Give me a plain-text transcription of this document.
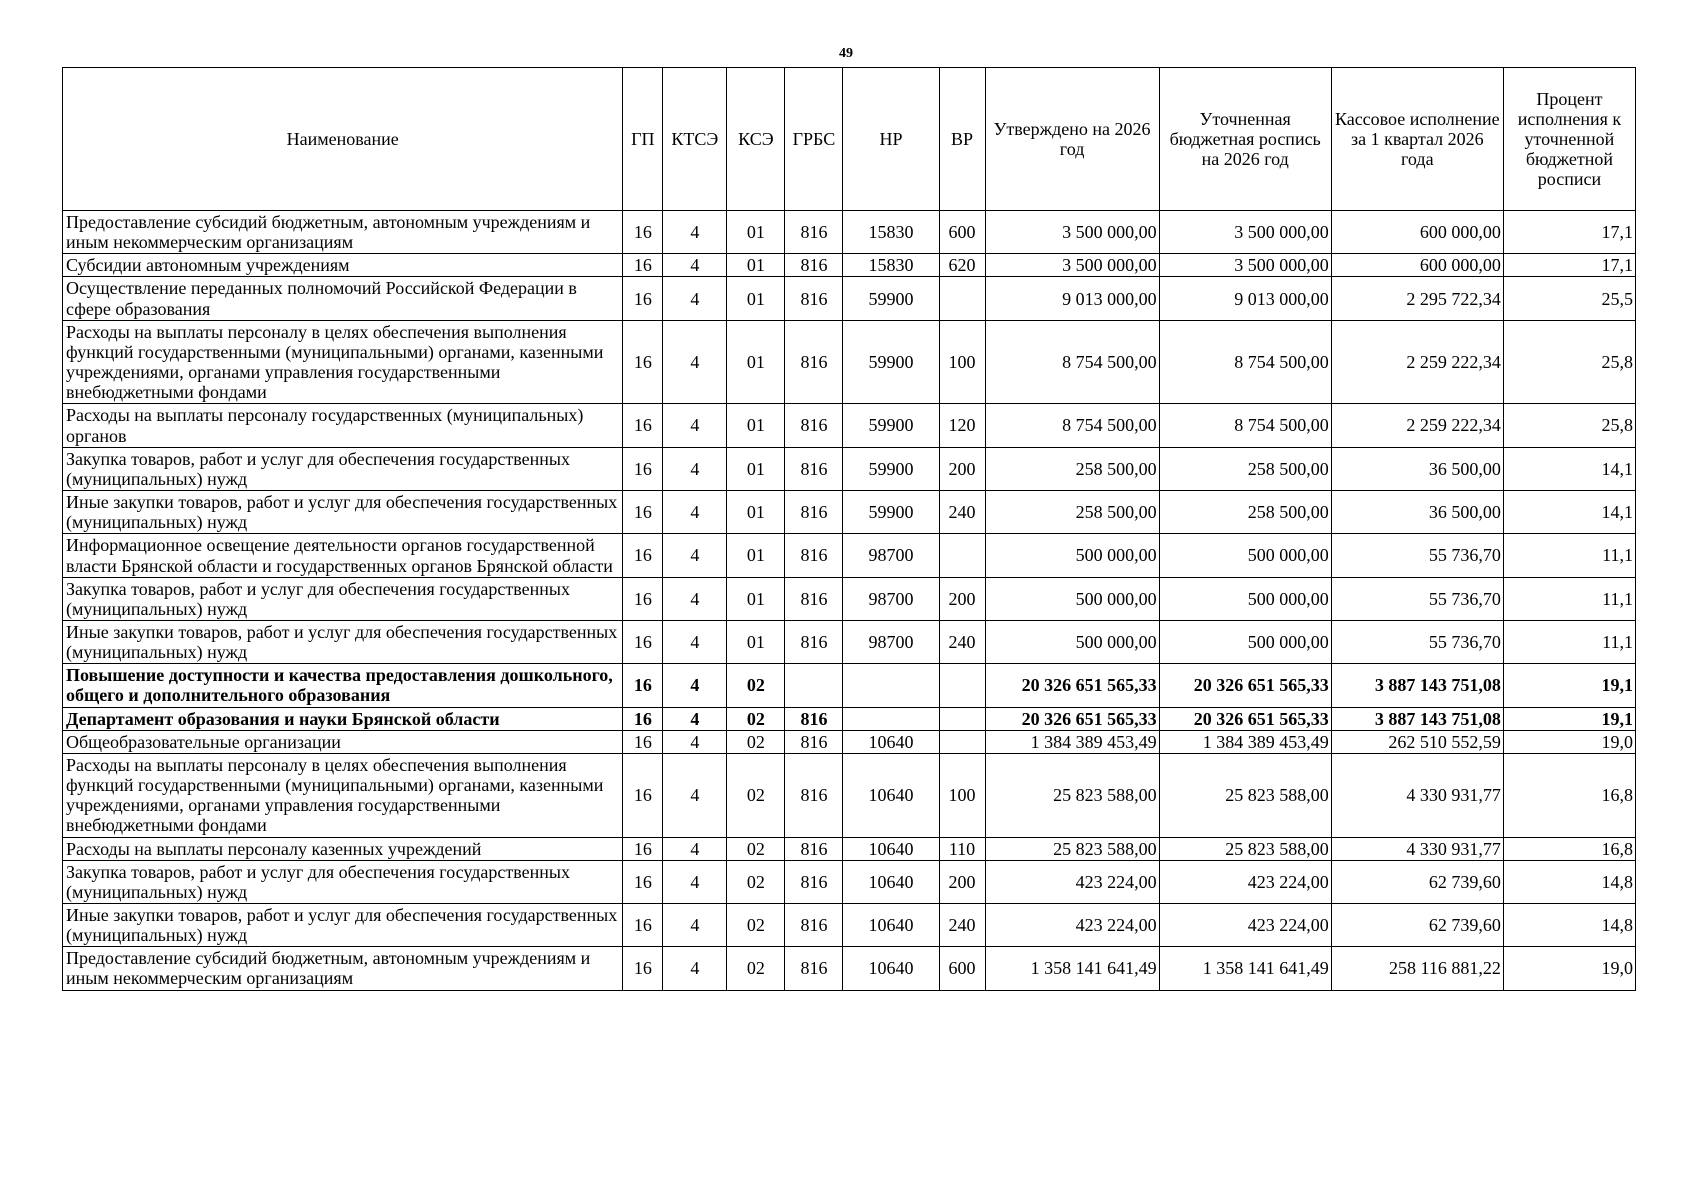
49
Наименование	ГП	КТСЭ	КСЭ	ГРБС	НР	ВР	Утверждено на 2026 год	Уточненная бюджетная роспись на 2026 год	Кассовое исполнение за 1 квартал 2026 года	Процент исполнения к уточненной бюджетной росписи
Предоставление субсидий бюджетным, автономным учреждениям и иным некоммерческим организациям	16	4	01	816	15830	600	3 500 000,00	3 500 000,00	600 000,00	17,1
Субсидии автономным учреждениям	16	4	01	816	15830	620	3 500 000,00	3 500 000,00	600 000,00	17,1
Осуществление переданных полномочий Российской Федерации в сфере образования	16	4	01	816	59900		9 013 000,00	9 013 000,00	2 295 722,34	25,5
Расходы на выплаты персоналу в целях обеспечения выполнения функций государственными (муниципальными) органами, казенными учреждениями, органами управления государственными внебюджетными фондами	16	4	01	816	59900	100	8 754 500,00	8 754 500,00	2 259 222,34	25,8
Расходы на выплаты персоналу государственных (муниципальных) органов	16	4	01	816	59900	120	8 754 500,00	8 754 500,00	2 259 222,34	25,8
Закупка товаров, работ и услуг для обеспечения государственных (муниципальных) нужд	16	4	01	816	59900	200	258 500,00	258 500,00	36 500,00	14,1
Иные закупки товаров, работ и услуг для обеспечения государственных (муниципальных) нужд	16	4	01	816	59900	240	258 500,00	258 500,00	36 500,00	14,1
Информационное освещение деятельности органов государственной власти Брянской области и государственных органов Брянской области	16	4	01	816	98700		500 000,00	500 000,00	55 736,70	11,1
Закупка товаров, работ и услуг для обеспечения государственных (муниципальных) нужд	16	4	01	816	98700	200	500 000,00	500 000,00	55 736,70	11,1
Иные закупки товаров, работ и услуг для обеспечения государственных (муниципальных) нужд	16	4	01	816	98700	240	500 000,00	500 000,00	55 736,70	11,1
Повышение доступности и качества предоставления дошкольного, общего и дополнительного образования	16	4	02				20 326 651 565,33	20 326 651 565,33	3 887 143 751,08	19,1
Департамент образования и науки Брянской области	16	4	02	816			20 326 651 565,33	20 326 651 565,33	3 887 143 751,08	19,1
Общеобразовательные организации	16	4	02	816	10640		1 384 389 453,49	1 384 389 453,49	262 510 552,59	19,0
Расходы на выплаты персоналу в целях обеспечения выполнения функций государственными (муниципальными) органами, казенными учреждениями, органами управления государственными внебюджетными фондами	16	4	02	816	10640	100	25 823 588,00	25 823 588,00	4 330 931,77	16,8
Расходы на выплаты персоналу казенных учреждений	16	4	02	816	10640	110	25 823 588,00	25 823 588,00	4 330 931,77	16,8
Закупка товаров, работ и услуг для обеспечения государственных (муниципальных) нужд	16	4	02	816	10640	200	423 224,00	423 224,00	62 739,60	14,8
Иные закупки товаров, работ и услуг для обеспечения государственных (муниципальных) нужд	16	4	02	816	10640	240	423 224,00	423 224,00	62 739,60	14,8
Предоставление субсидий бюджетным, автономным учреждениям и иным некоммерческим организациям	16	4	02	816	10640	600	1 358 141 641,49	1 358 141 641,49	258 116 881,22	19,0
